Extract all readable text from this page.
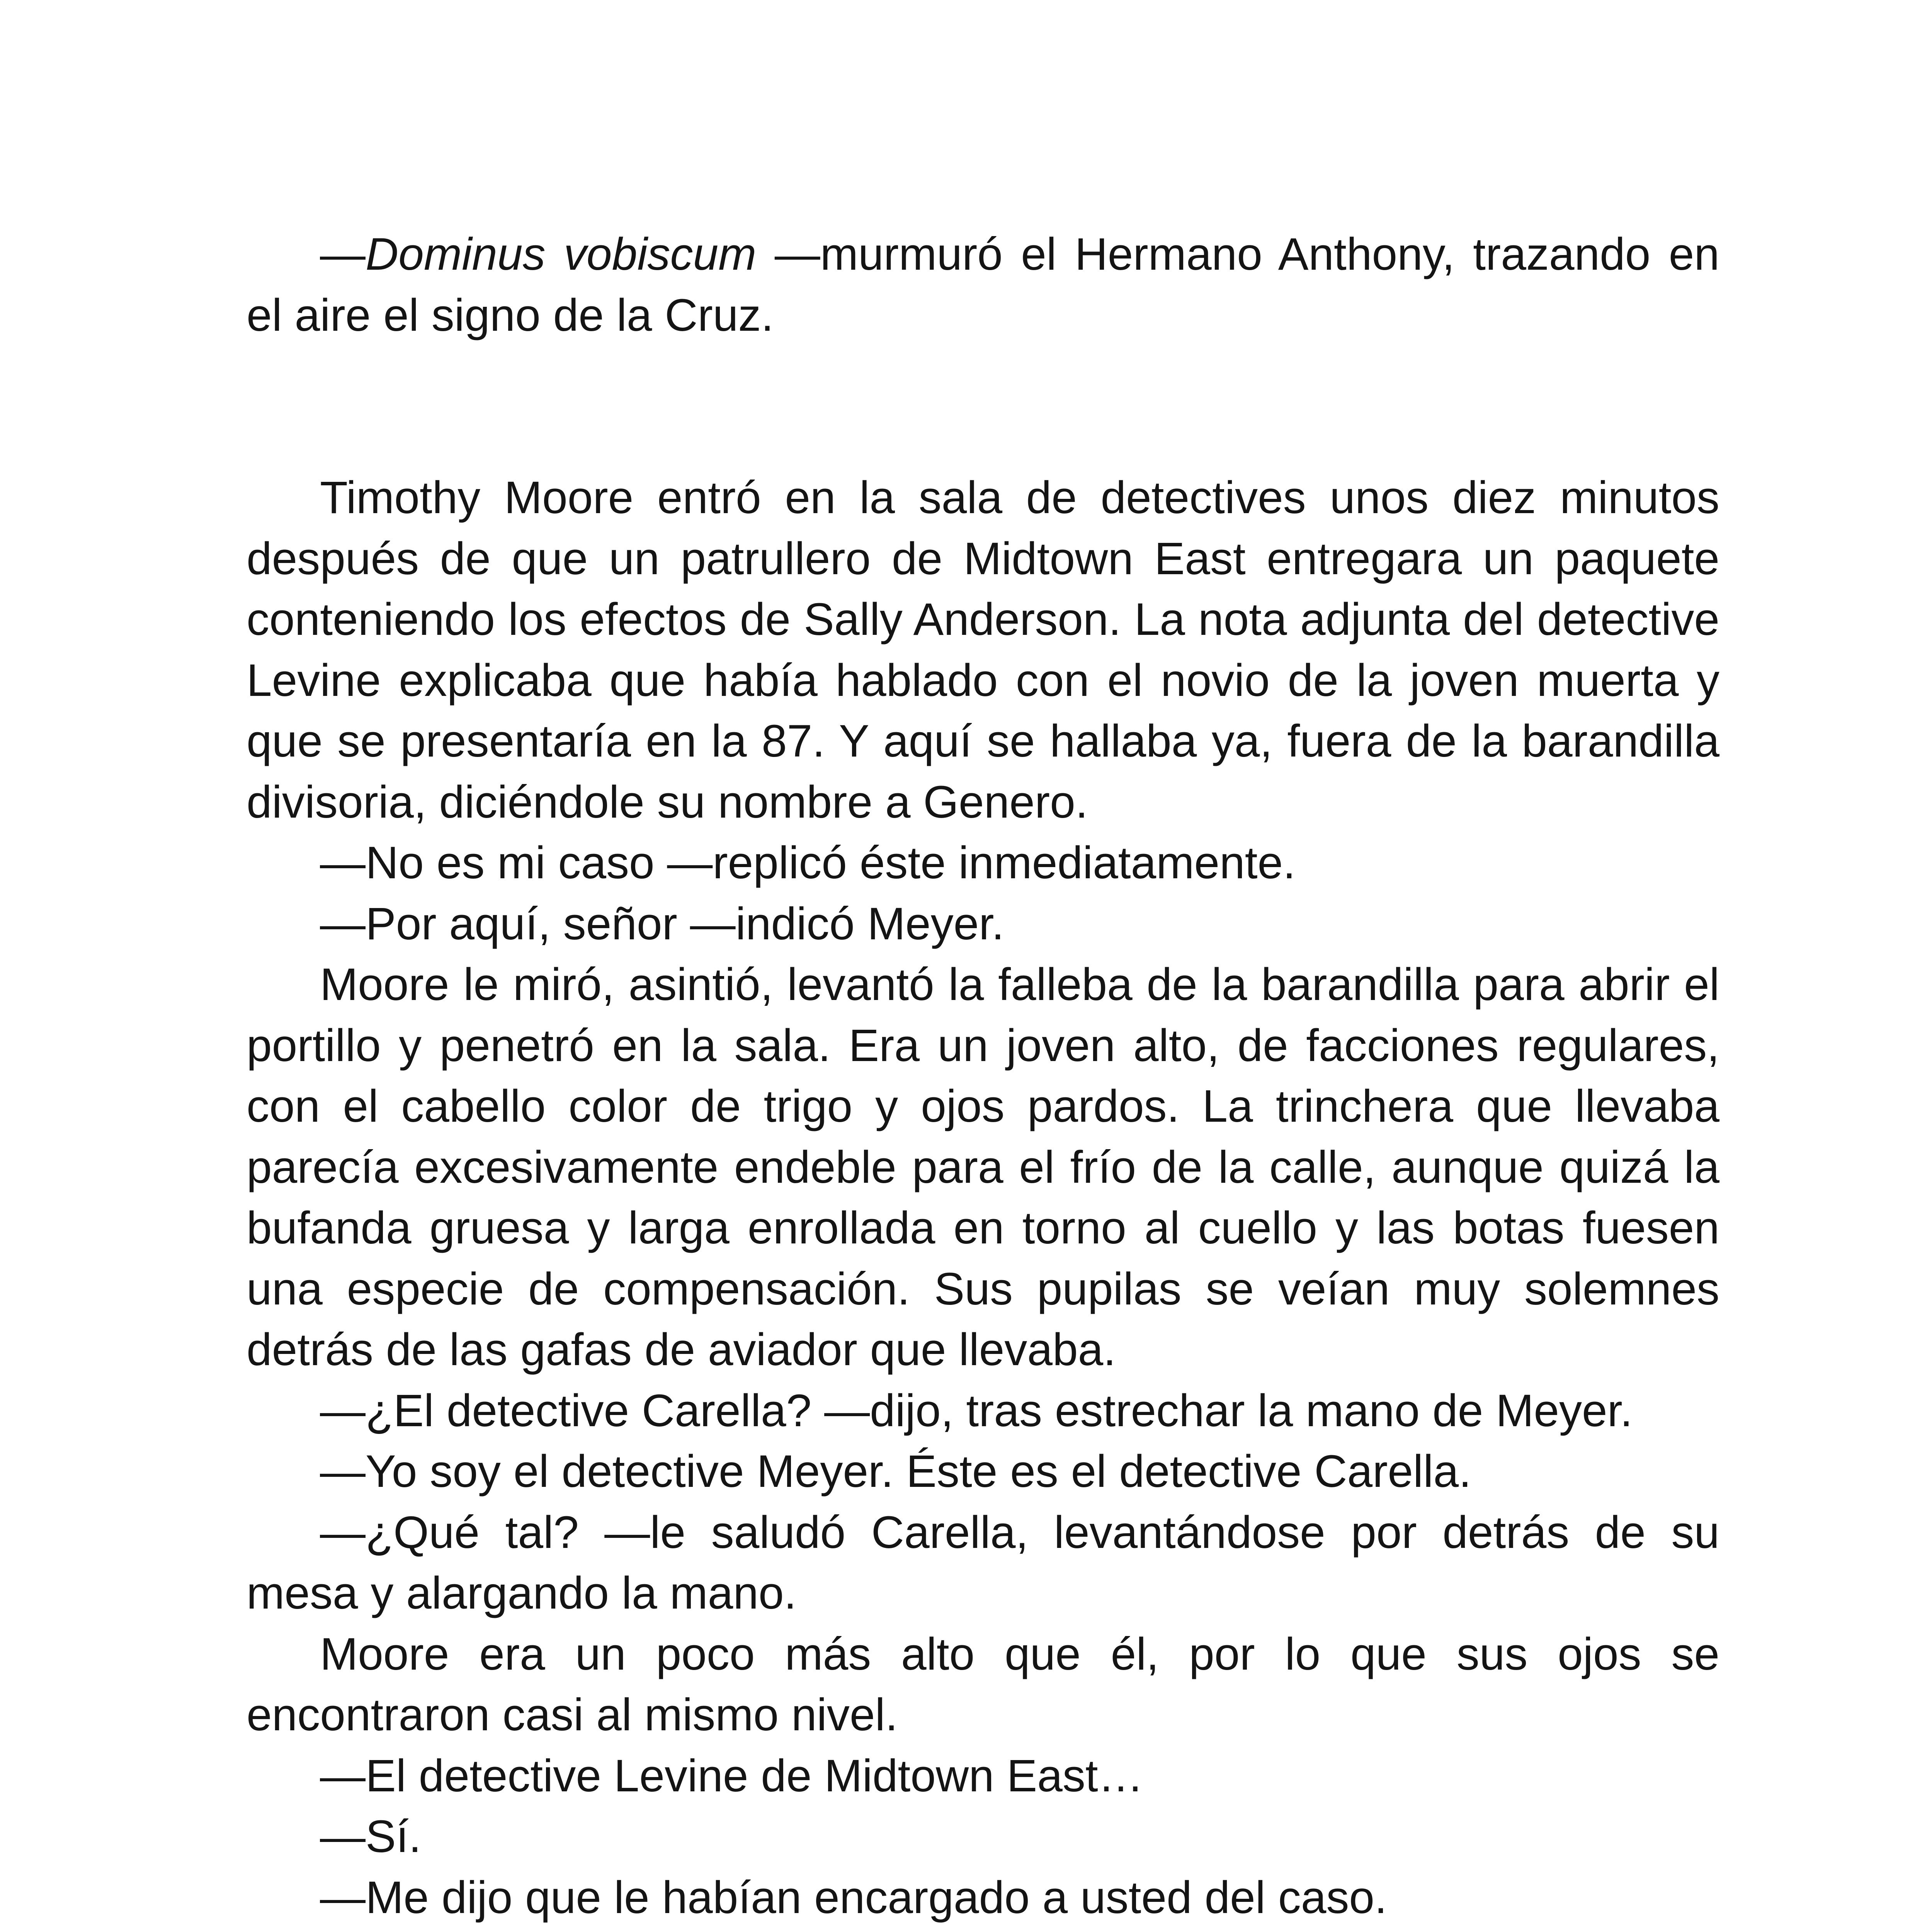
—Dominus vobiscum —murmuró el Hermano Anthony, trazando en el aire el signo de la Cruz.

Timothy Moore entró en la sala de detectives unos diez minutos después de que un patrullero de Midtown East entregara un paquete conteniendo los efectos de Sally Anderson. La nota adjunta del detective Levine explicaba que había hablado con el novio de la joven muerta y que se presentaría en la 87. Y aquí se hallaba ya, fuera de la barandilla divisoria, diciéndole su nombre a Genero.

—No es mi caso —replicó éste inmediatamente.

—Por aquí, señor —indicó Meyer.

Moore le miró, asintió, levantó la falleba de la barandilla para abrir el portillo y penetró en la sala. Era un joven alto, de facciones regulares, con el cabello color de trigo y ojos pardos. La trinchera que llevaba parecía excesivamente endeble para el frío de la calle, aunque quizá la bufanda gruesa y larga enrollada en torno al cuello y las botas fuesen una especie de compensación. Sus pupilas se veían muy solemnes detrás de las gafas de aviador que llevaba.

—¿El detective Carella? —dijo, tras estrechar la mano de Meyer.

—Yo soy el detective Meyer. Éste es el detective Carella.

—¿Qué tal? —le saludó Carella, levantándose por detrás de su mesa y alargando la mano.

Moore era un poco más alto que él, por lo que sus ojos se encontraron casi al mismo nivel.

—El detective Levine de Midtown East…

—Sí.

—Me dijo que le habían encargado a usted del caso.
